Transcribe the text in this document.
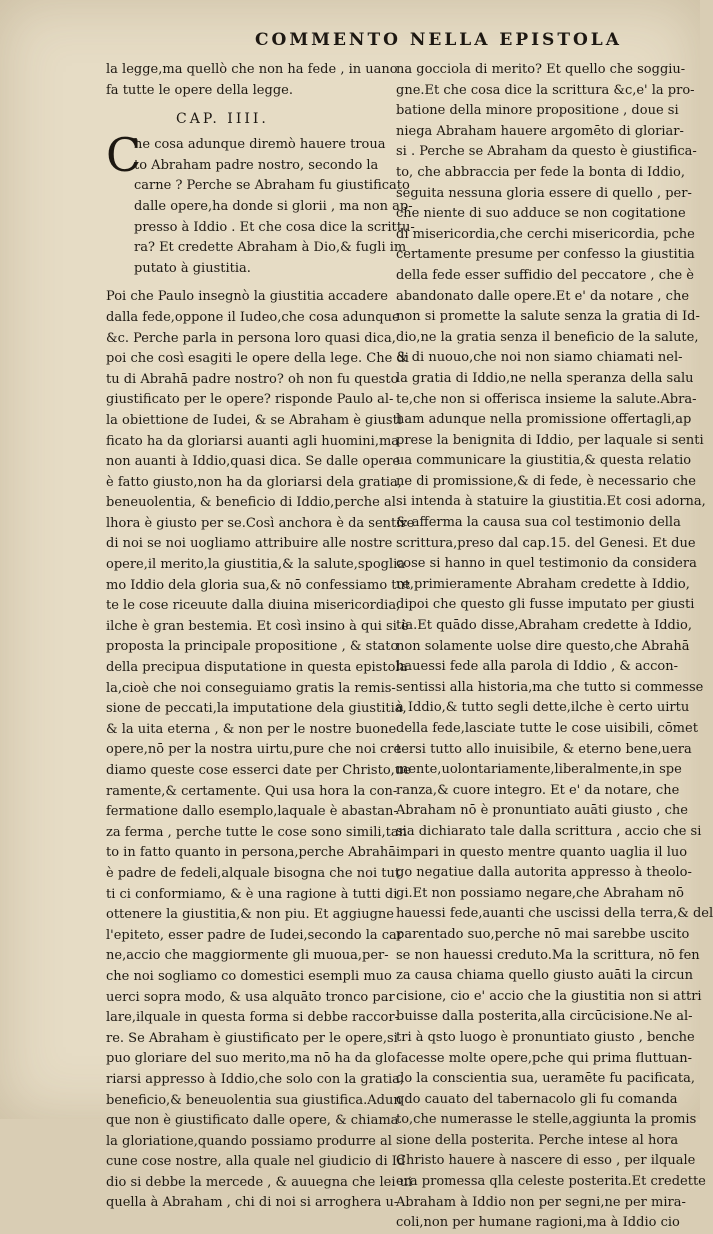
COMMENTO NELLA EPISTOLA
la legge,ma quellò che non ha fede , in uano
fa tutte le opere della legge.
CAP. IIII.
C
he cosa adunque diremò hauere troua
to Abraham padre nostro, secondo la
carne ? Perche se Abraham fu giustificato
dalle opere,ha donde si glorii , ma non ap-
presso à Iddio . Et che cosa dice la scrittu-
ra? Et credette Abraham à Dio,& fugli im
putato à giustitia.
Poi che Paulo insegnò la giustitia accadere
dalla fede,oppone il Iudeo,che cosa adunque
&c. Perche parla in persona loro quasi dica,
poi che così esagiti le opere della lege. Che di
tu di Abrahā padre nostro? oh non fu questo
giustificato per le opere? risponde Paulo al-
la obiettione de Iudei, & se Abraham è giusti
ficato ha da gloriarsi auanti agli huomini,ma
non auanti à Iddio,quasi dica. Se dalle opere
è fatto giusto,non ha da gloriarsi dela gratia,
beneuolentia, & beneficio di Iddio,perche al
lhora è giusto per se.Così anchora è da sentire
di noi se noi uogliamo attribuire alle nostre
opere,il merito,la giustitia,& la salute,spoglia
mo Iddio dela gloria sua,& nō confessiamo tut
te le cose riceuute dalla diuina misericordia,
ilche è gran bestemia. Et così insino à qui si è
proposta la principale propositione , & stato
della precipua disputatione in questa epistola
la,cioè che noi conseguiamo gratis la remis-
sione de peccati,la imputatione dela giustitia,
& la uita eterna , & non per le nostre buone
opere,nō per la nostra uirtu,pure che noi cre
diamo queste cose esserci date per Christo,ue
ramente,& certamente. Qui usa hora la con-
fermatione dallo esemplo,laquale è abastan-
za ferma , perche tutte le cose sono simili,tan
to in fatto quanto in persona,perche Abrahā
è padre de fedeli,alquale bisogna che noi tut
ti ci conformiamo, & è una ragione à tutti di
ottenere la giustitia,& non piu. Et aggiugne
l'epiteto, esser padre de Iudei,secondo la car
ne,accio che maggiormente gli muoua,per-
che noi sogliamo co domestici esempli muo
uerci sopra modo, & usa alquāto tronco par
lare,ilquale in questa forma si debbe raccor-
re. Se Abraham è giustificato per le opere,si
puo gloriare del suo merito,ma nō ha da glo
riarsi appresso à Iddio,che solo con la gratia,
beneficio,& beneuolentia sua giustifica.Adun
que non è giustificato dalle opere, & chiama
la gloriatione,quando possiamo produrre al
cune cose nostre, alla quale nel giudicio di Id
dio si debbe la mercede , & auuegna che lei ui
quella à Abraham , chi di noi si arroghera u-
na gocciola di merito? Et quello che soggiu-
gne.Et che cosa dice la scrittura &c,e' la pro-
batione della minore propositione , doue si
niega Abraham hauere argomēto di gloriar-
si . Perche se Abraham da questo è giustifica-
to, che abbraccia per fede la bonta di Iddio,
seguita nessuna gloria essere di quello , per-
che niente di suo adduce se non cogitatione
di misericordia,che cerchi misericordia, pche
certamente presume per confesso la giustitia
della fede esser suffidio del peccatore , che è
abandonato dalle opere.Et e' da notare , che
non si promette la salute senza la gratia di Id-
dio,ne la gratia senza il beneficio de la salute,
& di nuouo,che noi non siamo chiamati nel-
la gratia di Iddio,ne nella speranza della salu
te,che non si offerisca insieme la salute.Abra-
ham adunque nella promissione offertagli,ap
prese la benignita di Iddio, per laquale si senti
ua communicare la giustitia,& questa relatio
ne di promissione,& di fede, è necessario che
si intenda à statuire la giustitia.Et cosi adorna,
& afferma la causa sua col testimonio della
scrittura,preso dal cap.15. del Genesi. Et due
cose si hanno in quel testimonio da considera
re,primieramente Abraham credette à Iddio,
dipoi che questo gli fusse imputato per giusti
tia.Et quādo disse,Abraham credette à Iddio,
non solamente uolse dire questo,che Abrahā
hauessi fede alla parola di Iddio , & accon-
sentissi alla historia,ma che tutto si commesse
à Iddio,& tutto segli dette,ilche è certo uirtu
della fede,lasciate tutte le cose uisibili, cōmet
tersi tutto allo inuisibile, & eterno bene,uera
mente,uolontariamente,liberalmente,in spe
ranza,& cuore integro. Et e' da notare, che
Abraham nō è pronuntiato auāti giusto , che
sia dichiarato tale dalla scrittura , accio che si
impari in questo mentre quanto uaglia il luo
go negatiue dalla autorita appresso à theolo-
gi.Et non possiamo negare,che Abraham nō
hauessi fede,auanti che uscissi della terra,& del
parentado suo,perche nō mai sarebbe uscito
se non hauessi creduto.Ma la scrittura, nō fen
za causa chiama quello giusto auāti la circun
cisione, cio e' accio che la giustitia non si attri
buisse dalla posterita,alla circūcisione.Ne al-
tri à qsto luogo è pronuntiato giusto , benche
facesse molte opere,pche qui prima fluttuan-
do la conscientia sua, ueramēte fu pacificata,
qdo cauato del tabernacolo gli fu comanda
to,che numerasse le stelle,aggiunta la promis
sione della posterita. Perche intese al hora
Christo hauere à nascere di esso , per ilquale
era promessa qlla celeste posterita.Et credette
Abraham à Iddio non per segni,ne per mira-
coli,non per humane ragioni,ma à Iddio cio
